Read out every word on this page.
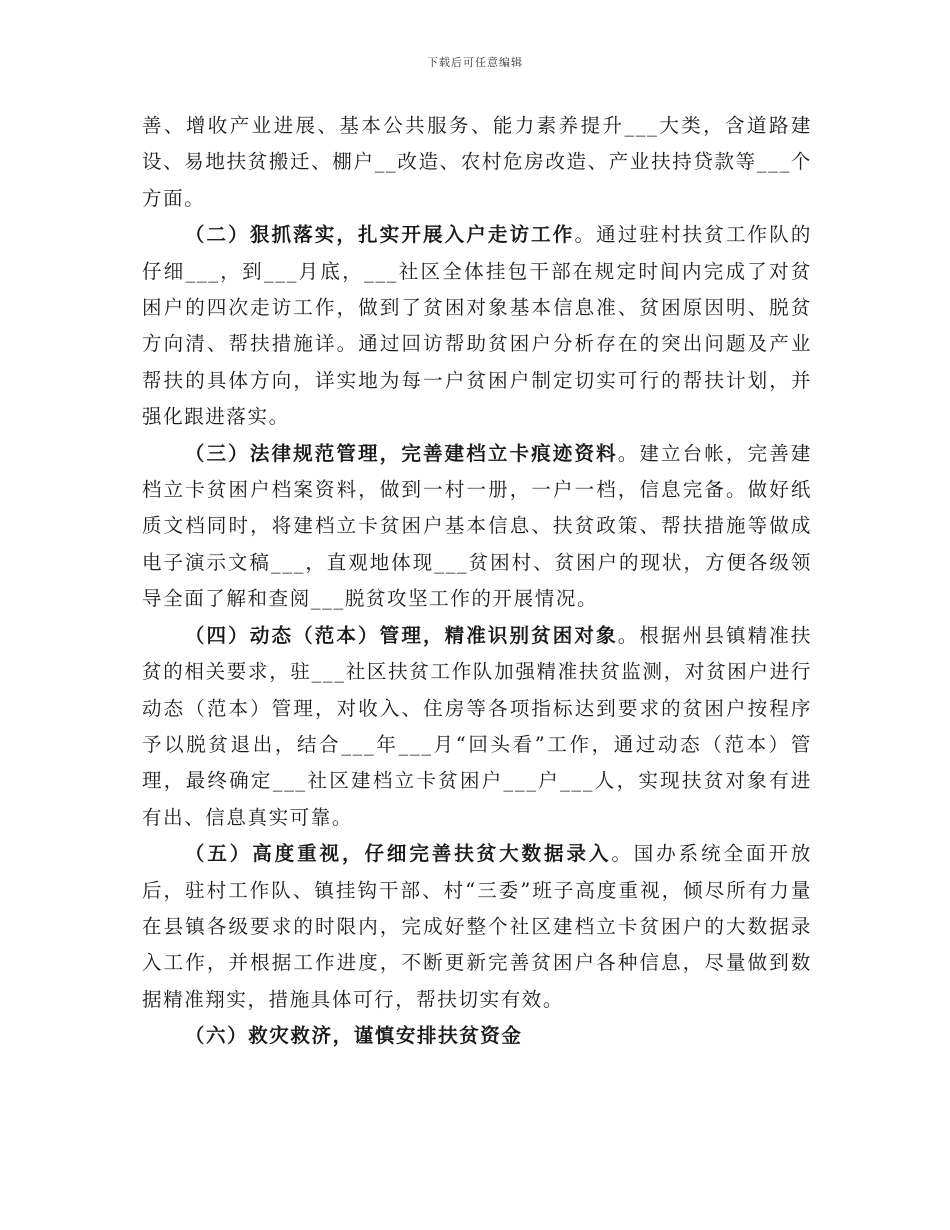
下载后可任意编辑

善、增收产业进展、基本公共服务、能力素养提升___大类，含道路建设、易地扶贫搬迁、棚户__改造、农村危房改造、产业扶持贷款等___个方面。

（二）狠抓落实，扎实开展入户走访工作。通过驻村扶贫工作队的仔细___，到___月底，___社区全体挂包干部在规定时间内完成了对贫困户的四次走访工作，做到了贫困对象基本信息准、贫困原因明、脱贫方向清、帮扶措施详。通过回访帮助贫困户分析存在的突出问题及产业帮扶的具体方向，详实地为每一户贫困户制定切实可行的帮扶计划，并强化跟进落实。

（三）法律规范管理，完善建档立卡痕迹资料。建立台帐，完善建档立卡贫困户档案资料，做到一村一册，一户一档，信息完备。做好纸质文档同时，将建档立卡贫困户基本信息、扶贫政策、帮扶措施等做成电子演示文稿___，直观地体现___贫困村、贫困户的现状，方便各级领导全面了解和查阅___脱贫攻坚工作的开展情况。

（四）动态（范本）管理，精准识别贫困对象。根据州县镇精准扶贫的相关要求，驻___社区扶贫工作队加强精准扶贫监测，对贫困户进行动态（范本）管理，对收入、住房等各项指标达到要求的贫困户按程序予以脱贫退出，结合___年___月“回头看”工作，通过动态（范本）管理，最终确定___社区建档立卡贫困户___户___人，实现扶贫对象有进有出、信息真实可靠。

（五）高度重视，仔细完善扶贫大数据录入。国办系统全面开放后，驻村工作队、镇挂钩干部、村“三委”班子高度重视，倾尽所有力量在县镇各级要求的时限内，完成好整个社区建档立卡贫困户的大数据录入工作，并根据工作进度，不断更新完善贫困户各种信息，尽量做到数据精准翔实，措施具体可行，帮扶切实有效。

（六）救灾救济，谨慎安排扶贫资金
